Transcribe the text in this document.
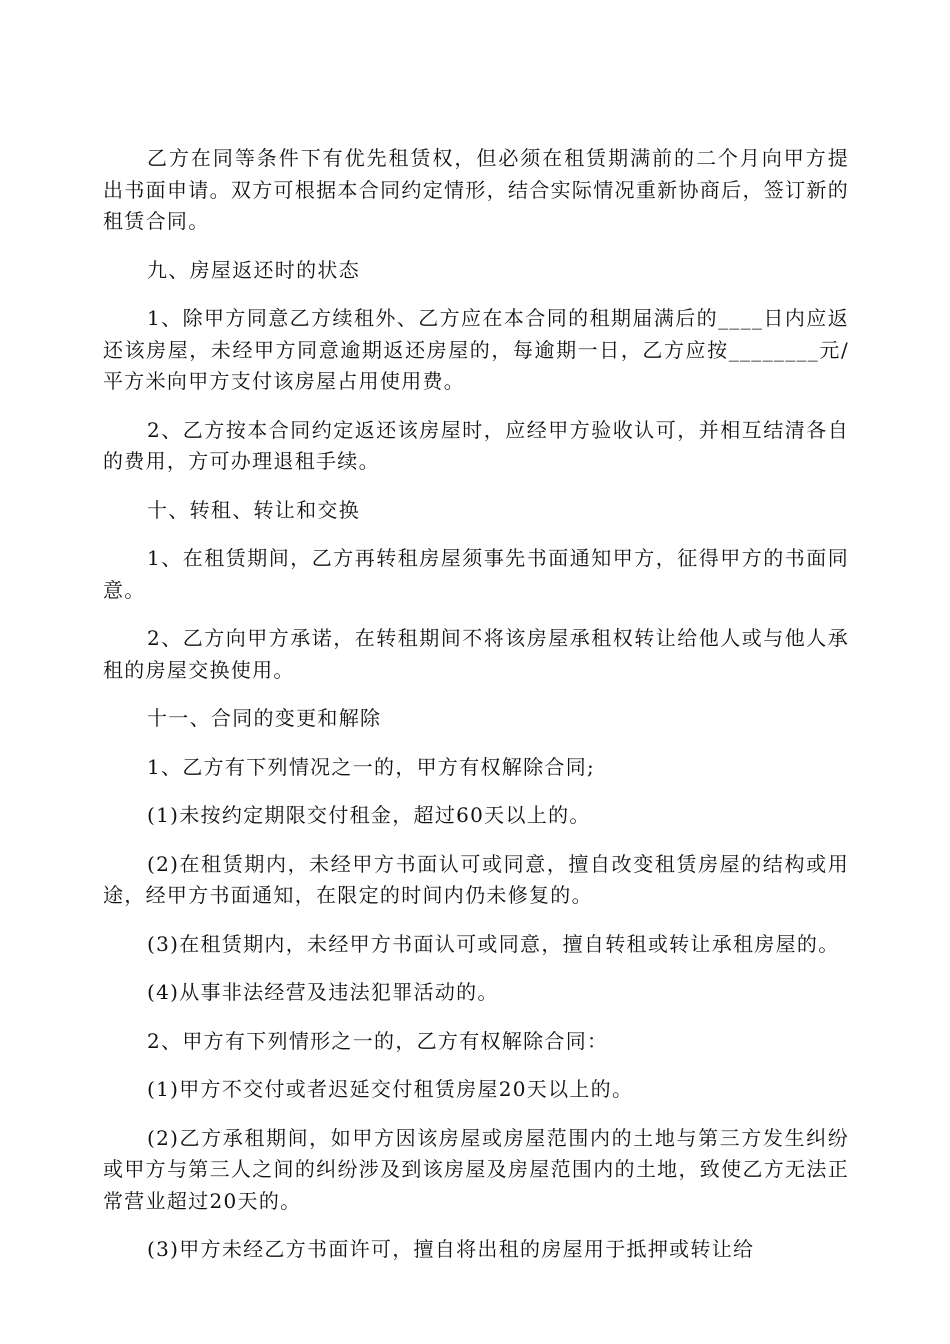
乙方在同等条件下有优先租赁权，但必须在租赁期满前的二个月向甲方提出书面申请。双方可根据本合同约定情形，结合实际情况重新协商后，签订新的租赁合同。

九、房屋返还时的状态

1、除甲方同意乙方续租外、乙方应在本合同的租期届满后的____日内应返还该房屋，未经甲方同意逾期返还房屋的，每逾期一日，乙方应按________元/平方米向甲方支付该房屋占用使用费。

2、乙方按本合同约定返还该房屋时，应经甲方验收认可，并相互结清各自的费用，方可办理退租手续。

十、转租、转让和交换

1、在租赁期间，乙方再转租房屋须事先书面通知甲方，征得甲方的书面同意。

2、乙方向甲方承诺，在转租期间不将该房屋承租权转让给他人或与他人承租的房屋交换使用。

十一、合同的变更和解除

1、乙方有下列情况之一的，甲方有权解除合同;

(1)未按约定期限交付租金，超过60天以上的。

(2)在租赁期内，未经甲方书面认可或同意，擅自改变租赁房屋的结构或用途，经甲方书面通知，在限定的时间内仍未修复的。

(3)在租赁期内，未经甲方书面认可或同意，擅自转租或转让承租房屋的。

(4)从事非法经营及违法犯罪活动的。

2、甲方有下列情形之一的，乙方有权解除合同：

(1)甲方不交付或者迟延交付租赁房屋20天以上的。

(2)乙方承租期间，如甲方因该房屋或房屋范围内的土地与第三方发生纠纷或甲方与第三人之间的纠纷涉及到该房屋及房屋范围内的土地，致使乙方无法正常营业超过20天的。

(3)甲方未经乙方书面许可，擅自将出租的房屋用于抵押或转让给
